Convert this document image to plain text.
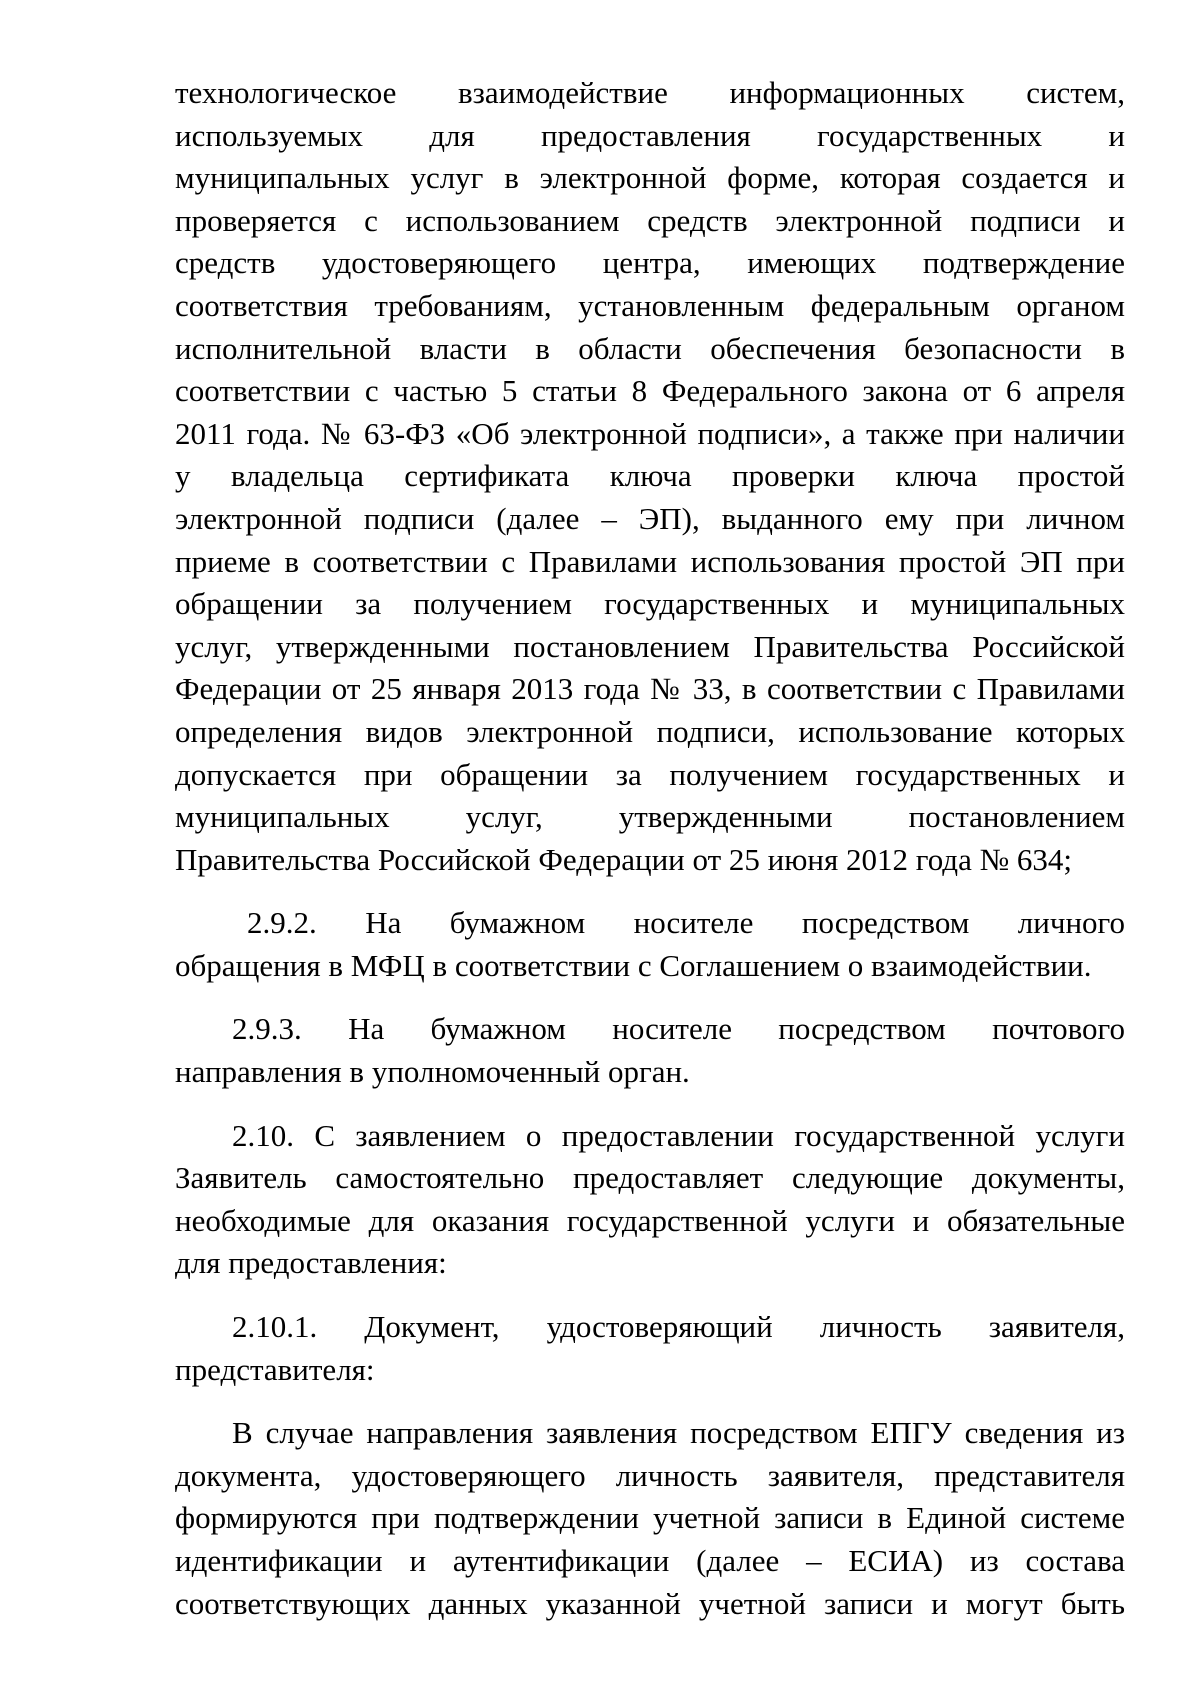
технологическое взаимодействие информационных систем,
используемых для предоставления государственных и
муниципальных услуг в электронной форме, которая создается и
проверяется с использованием средств электронной подписи и
средств удостоверяющего центра, имеющих подтверждение
соответствия требованиям, установленным федеральным органом
исполнительной власти в области обеспечения безопасности в
соответствии с частью 5 статьи 8 Федерального закона от 6 апреля
2011 года. № 63-ФЗ «Об электронной подписи», а также при наличии
у владельца сертификата ключа проверки ключа простой
электронной подписи (далее – ЭП), выданного ему при личном
приеме в соответствии с Правилами использования простой ЭП при
обращении за получением государственных и муниципальных
услуг, утвержденными постановлением Правительства Российской
Федерации от 25 января 2013 года № 33, в соответствии с Правилами
определения видов электронной подписи, использование которых
допускается при обращении за получением государственных и
муниципальных услуг, утвержденными постановлением
Правительства Российской Федерации от 25 июня 2012 года № 634;
2.9.2. На бумажном носителе посредством личного
обращения в МФЦ в соответствии с Соглашением о взаимодействии.
2.9.3. На бумажном носителе посредством почтового
направления в уполномоченный орган.
2.10. С заявлением о предоставлении государственной услуги
Заявитель самостоятельно предоставляет следующие документы,
необходимые для оказания государственной услуги и обязательные
для предоставления:
2.10.1. Документ, удостоверяющий личность заявителя,
представителя:
В случае направления заявления посредством ЕПГУ сведения из
документа, удостоверяющего личность заявителя, представителя
формируются при подтверждении учетной записи в Единой системе
идентификации и аутентификации (далее – ЕСИА) из состава
соответствующих данных указанной учетной записи и могут быть
